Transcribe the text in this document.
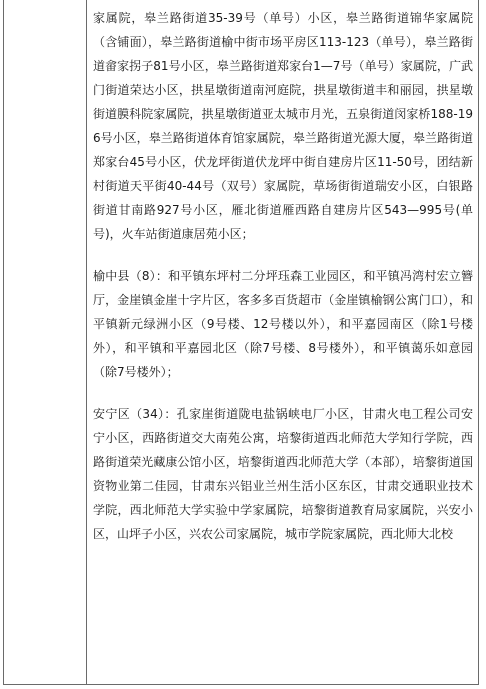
家属院，皋兰路街道35-39号（单号）小区，皋兰路街道锦华家属院（含铺面），皋兰路街道榆中街市场平房区113-123（单号），皋兰路街道畲家拐子81号小区，皋兰路街道郑家台1—7号（单号）家属院，广武门街道荣达小区，拱星墩街道南河庭院，拱星墩街道丰和丽园，拱星墩街道膜科院家属院，拱星墩街道亚太城市月光，五泉街道闵家桥188-196号小区，皋兰路街道体育馆家属院，皋兰路街道光源大厦，皋兰路街道郑家台45号小区，伏龙坪街道伏龙坪中街自建房片区11-50号，团结新村街道天平街40-44号（双号）家属院，草场街街道瑞安小区，白银路街道甘南路927号小区，雁北街道雁西路自建房片区543—995号(单号)，火车站街道康居苑小区；

榆中县（8）：和平镇东坪村二分坪珏森工业园区，和平镇冯湾村宏立簪厅，金崖镇金崖十字片区，客多多百货超市（金崖镇榆钢公寓门口），和平镇新元绿洲小区（9号楼、12号楼以外），和平嘉园南区（除1号楼外），和平镇和平嘉园北区（除7号楼、8号楼外），和平镇蔼乐如意园（除7号楼外）；

安宁区（34）：孔家崖街道陇电盐锅峡电厂小区，甘肃火电工程公司安宁小区，西路街道交大南苑公寓，培黎街道西北师范大学知行学院，西路街道荣光藏康公馆小区，培黎街道西北师范大学（本部），培黎街道国资物业第二佳园，甘肃东兴铝业兰州生活小区东区，甘肃交通职业技术学院，西北师范大学实验中学家属院，培黎街道教育局家属院，兴安小区，山坪子小区，兴农公司家属院，城市学院家属院，西北师大北校
